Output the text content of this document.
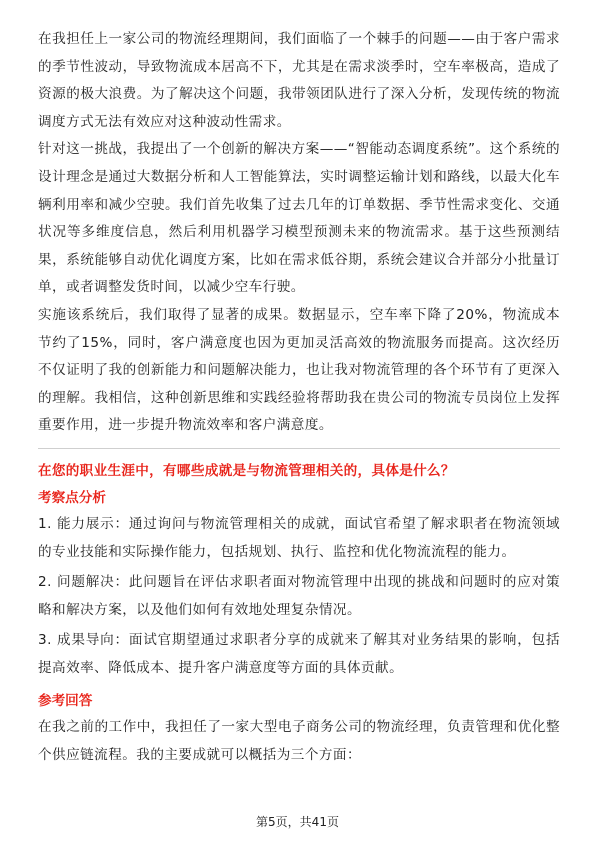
在我担任上一家公司的物流经理期间，我们面临了一个棘手的问题——由于客户需求的季节性波动，导致物流成本居高不下，尤其是在需求淡季时，空车率极高，造成了资源的极大浪费。为了解决这个问题，我带领团队进行了深入分析，发现传统的物流调度方式无法有效应对这种波动性需求。

针对这一挑战，我提出了一个创新的解决方案——“智能动态调度系统”。这个系统的设计理念是通过大数据分析和人工智能算法，实时调整运输计划和路线，以最大化车辆利用率和减少空驶。我们首先收集了过去几年的订单数据、季节性需求变化、交通状况等多维度信息，然后利用机器学习模型预测未来的物流需求。基于这些预测结果，系统能够自动优化调度方案，比如在需求低谷期，系统会建议合并部分小批量订单，或者调整发货时间，以减少空车行驶。

实施该系统后，我们取得了显著的成果。数据显示，空车率下降了20%，物流成本节约了15%，同时，客户满意度也因为更加灵活高效的物流服务而提高。这次经历不仅证明了我的创新能力和问题解决能力，也让我对物流管理的各个环节有了更深入的理解。我相信，这种创新思维和实践经验将帮助我在贵公司的物流专员岗位上发挥重要作用，进一步提升物流效率和客户满意度。

在您的职业生涯中，有哪些成就是与物流管理相关的，具体是什么？

考察点分析

1. 能力展示：通过询问与物流管理相关的成就，面试官希望了解求职者在物流领域的专业技能和实际操作能力，包括规划、执行、监控和优化物流流程的能力。

2. 问题解决：此问题旨在评估求职者面对物流管理中出现的挑战和问题时的应对策略和解决方案，以及他们如何有效地处理复杂情况。

3. 成果导向：面试官期望通过求职者分享的成就来了解其对业务结果的影响，包括提高效率、降低成本、提升客户满意度等方面的具体贡献。

参考回答

在我之前的工作中，我担任了一家大型电子商务公司的物流经理，负责管理和优化整个供应链流程。我的主要成就可以概括为三个方面：

第5页，共41页
